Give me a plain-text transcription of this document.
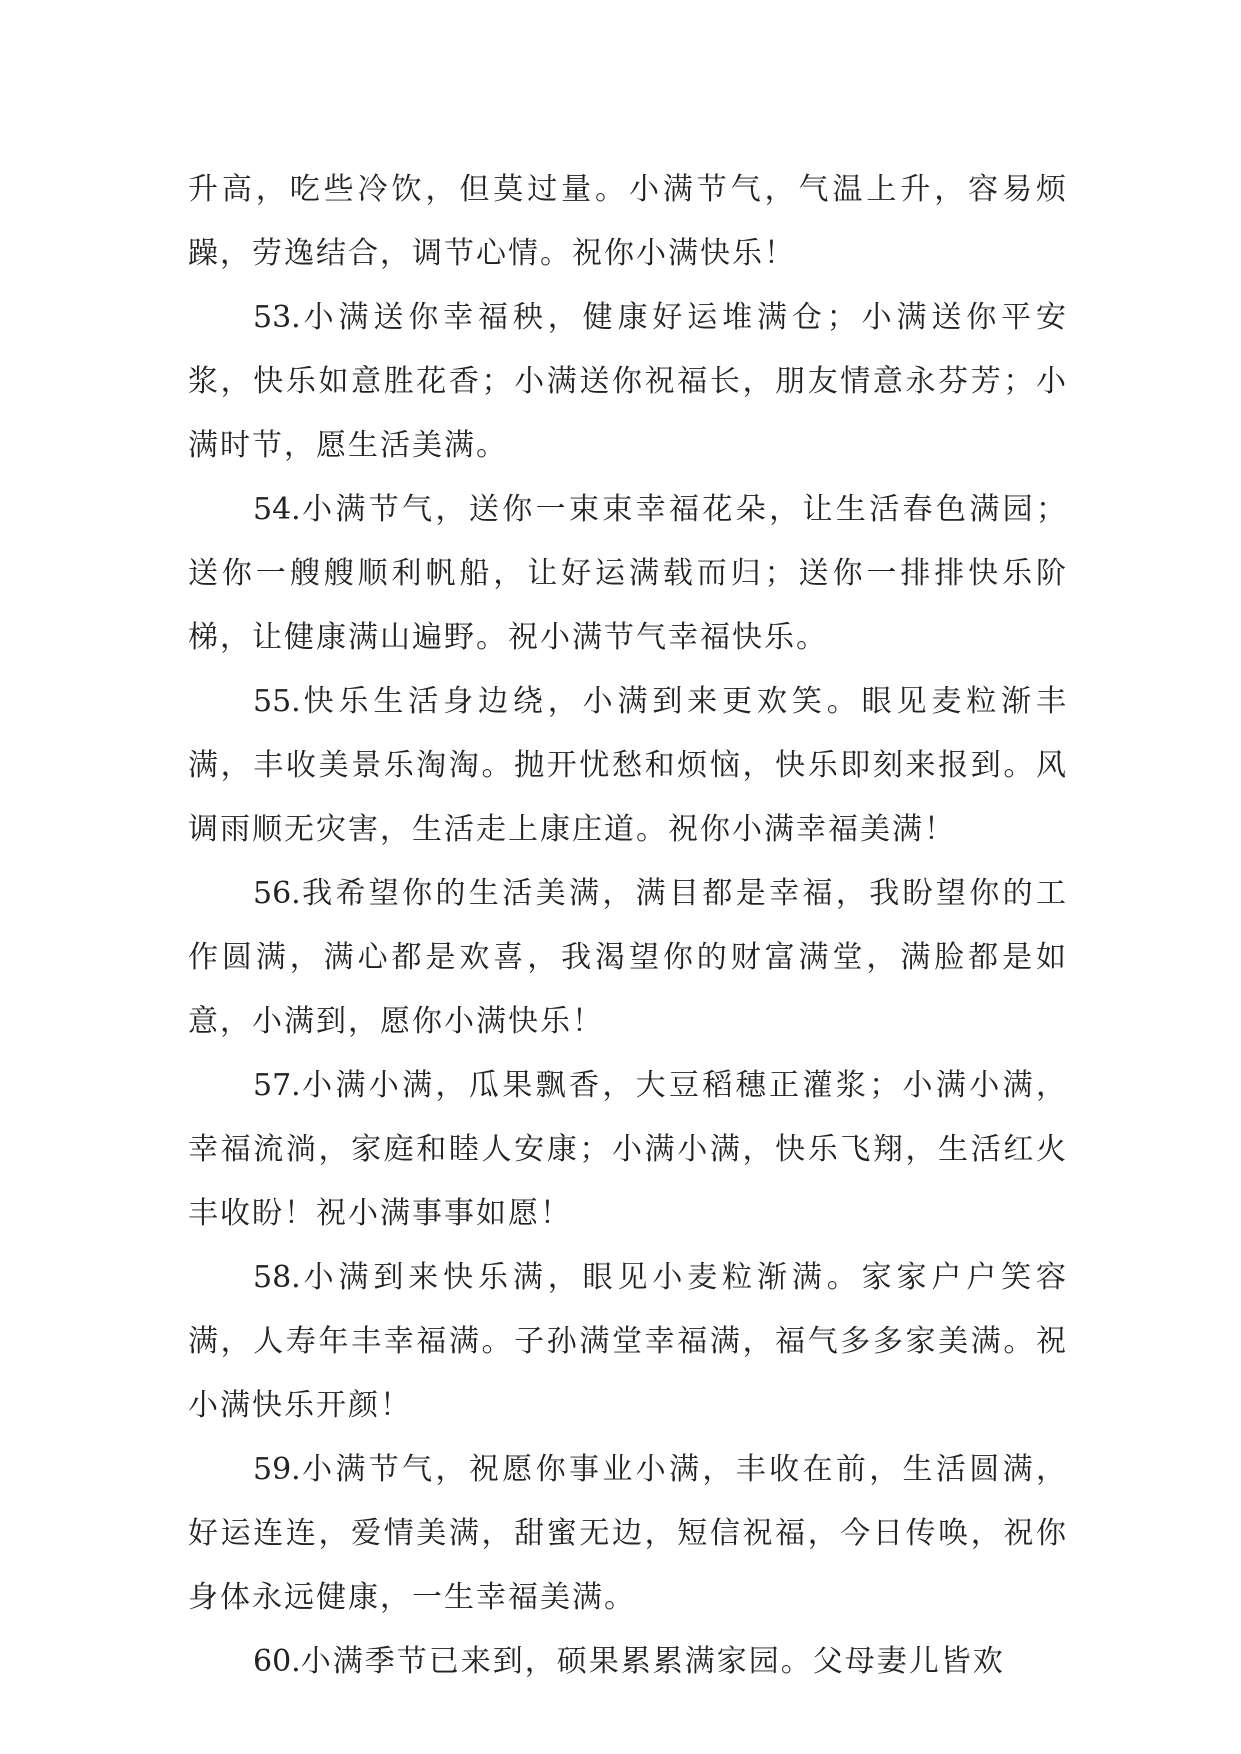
升高，吃些冷饮，但莫过量。小满节气，气温上升，容易烦躁，劳逸结合，调节心情。祝你小满快乐！

53.小满送你幸福秧，健康好运堆满仓；小满送你平安浆，快乐如意胜花香；小满送你祝福长，朋友情意永芬芳；小满时节，愿生活美满。

54.小满节气，送你一束束幸福花朵，让生活春色满园；送你一艘艘顺利帆船，让好运满载而归；送你一排排快乐阶梯，让健康满山遍野。祝小满节气幸福快乐。

55.快乐生活身边绕，小满到来更欢笑。眼见麦粒渐丰满，丰收美景乐淘淘。抛开忧愁和烦恼，快乐即刻来报到。风调雨顺无灾害，生活走上康庄道。祝你小满幸福美满！

56.我希望你的生活美满，满目都是幸福，我盼望你的工作圆满，满心都是欢喜，我渴望你的财富满堂，满脸都是如意，小满到，愿你小满快乐！

57.小满小满，瓜果飘香，大豆稻穗正灌浆；小满小满，幸福流淌，家庭和睦人安康；小满小满，快乐飞翔，生活红火丰收盼！祝小满事事如愿！

58.小满到来快乐满，眼见小麦粒渐满。家家户户笑容满，人寿年丰幸福满。子孙满堂幸福满，福气多多家美满。祝小满快乐开颜！

59.小满节气，祝愿你事业小满，丰收在前，生活圆满，好运连连，爱情美满，甜蜜无边，短信祝福，今日传唤，祝你身体永远健康，一生幸福美满。

60.小满季节已来到，硕果累累满家园。父母妻儿皆欢
